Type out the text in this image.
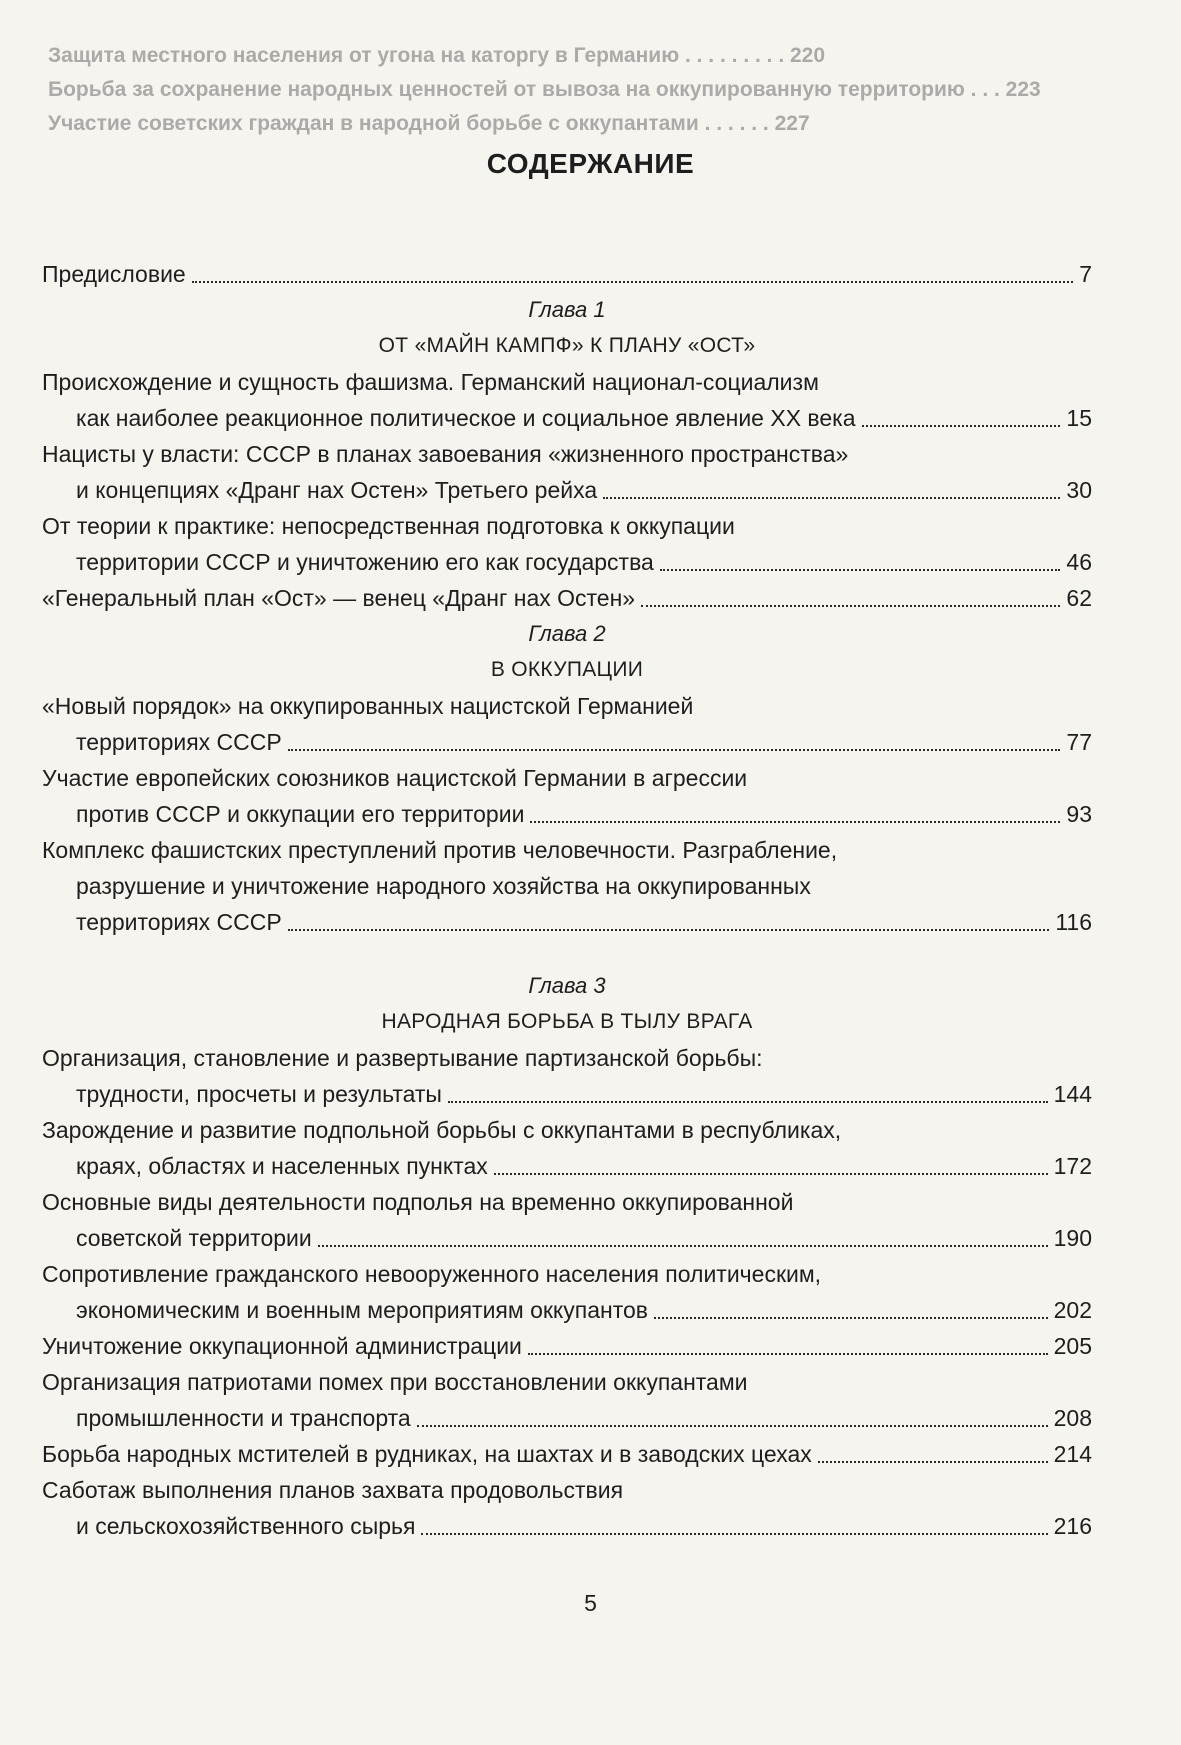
Защита местного населения от угона на каторгу в Германию . . . . . . . . . 220
Борьба за сохранение народных ценностей от вывоза на оккупированную территорию . . . 223
Участие советских граждан в народной борьбе с оккупантами . . . . . . 227
СОДЕРЖАНИЕ
Предисловие	7
Глава 1
ОТ «МАЙН КАМПФ» К ПЛАНУ «ОСТ»
Происхождение и сущность фашизма. Германский национал-социализм
как наиболее реакционное политическое и социальное явление XX века	15
Нацисты у власти: СССР в планах завоевания «жизненного пространства»
и концепциях «Дранг нах Остен» Третьего рейха	30
От теории к практике: непосредственная подготовка к оккупации
территории СССР и уничтожению его как государства	46
«Генеральный план «Ост» — венец «Дранг нах Остен»	62
Глава 2
В ОККУПАЦИИ
«Новый порядок» на оккупированных нацистской Германией
территориях СССР	77
Участие европейских союзников нацистской Германии в агрессии
против СССР и оккупации его территории	93
Комплекс фашистских преступлений против человечности. Разграбление,
разрушение и уничтожение народного хозяйства на оккупированных
территориях СССР	116
Глава 3
НАРОДНАЯ БОРЬБА В ТЫЛУ ВРАГА
Организация, становление и развертывание партизанской борьбы:
трудности, просчеты и результаты	144
Зарождение и развитие подпольной борьбы с оккупантами в республиках,
краях, областях и населенных пунктах	172
Основные виды деятельности подполья на временно оккупированной
советской территории	190
Сопротивление гражданского невооруженного населения политическим,
экономическим и военным мероприятиям оккупантов	202
Уничтожение оккупационной администрации	205
Организация патриотами помех при восстановлении оккупантами
промышленности и транспорта	208
Борьба народных мстителей в рудниках, на шахтах и в заводских цехах	214
Саботаж выполнения планов захвата продовольствия
и сельскохозяйственного сырья	216
5
